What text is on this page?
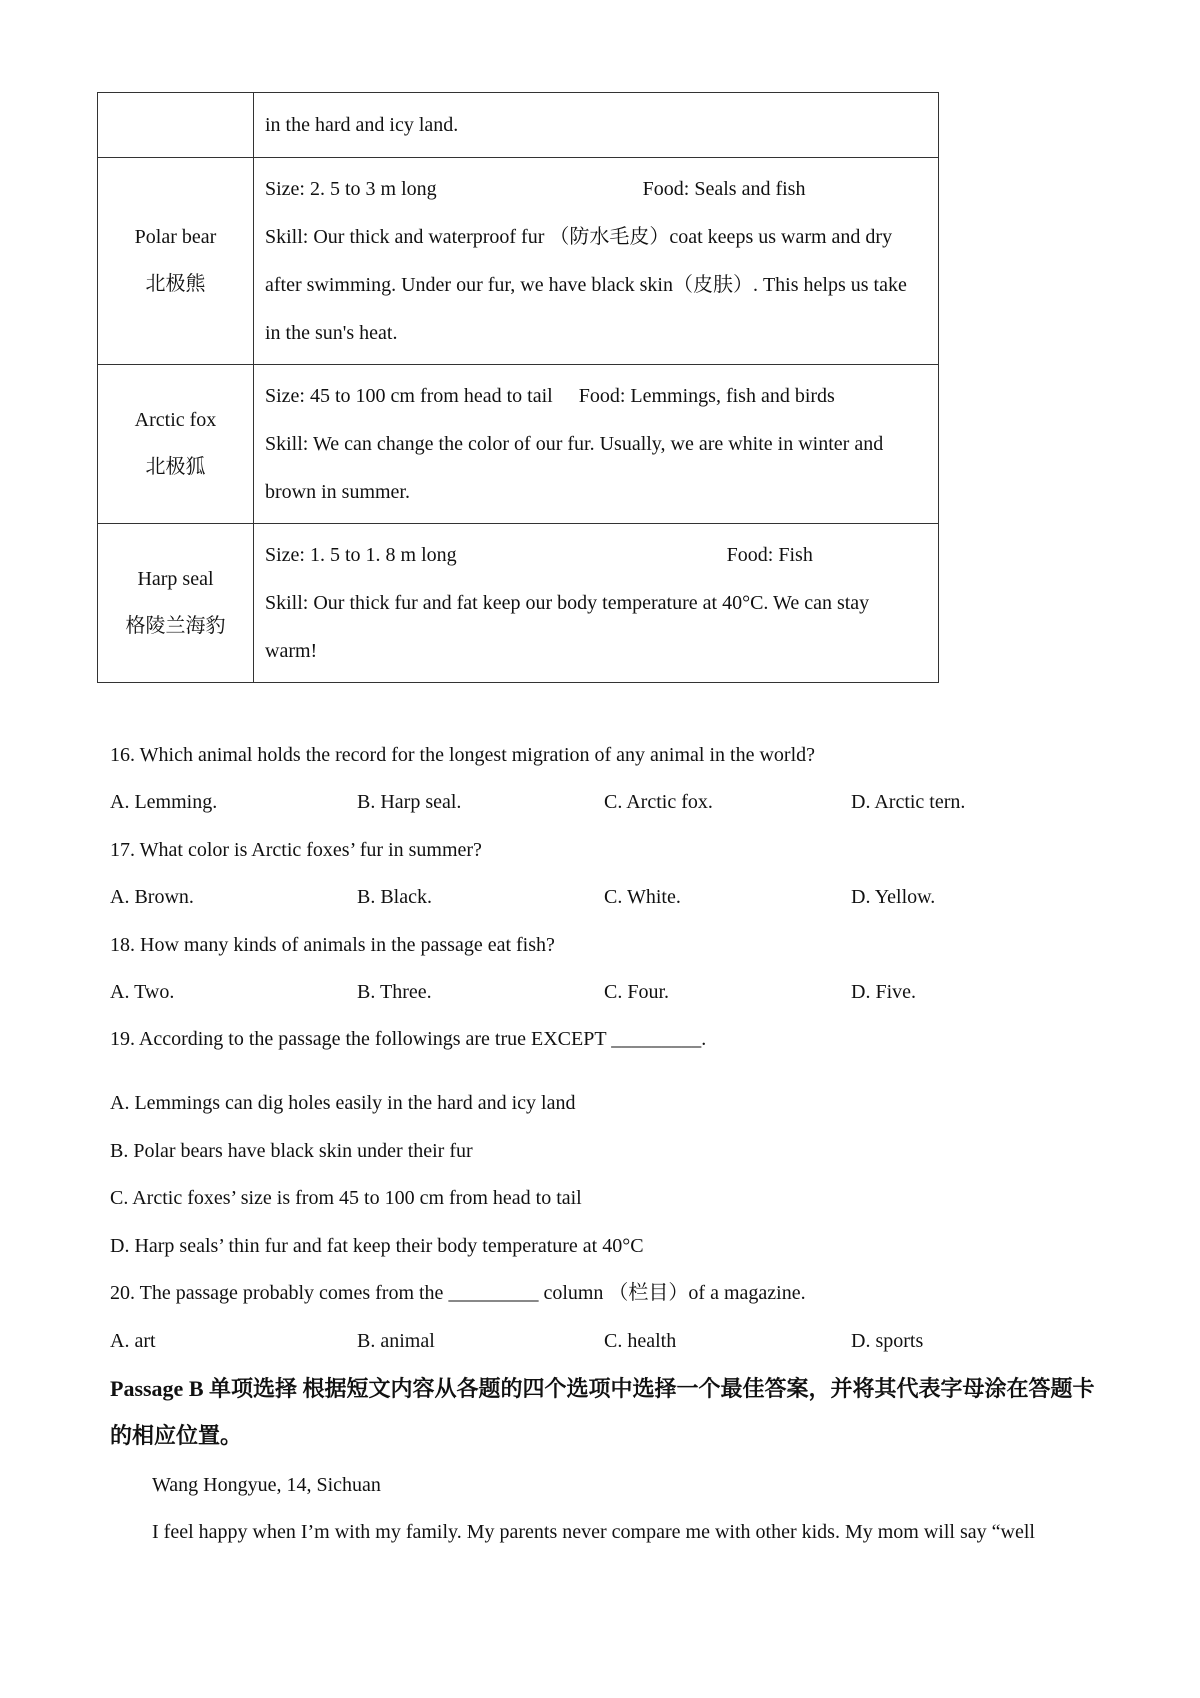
	in the hard and icy land.

Polar bear
北极熊	Size: 2. 5 to 3 m long Food: Seals and fish
Skill: Our thick and waterproof fur （防水毛皮）coat keeps us warm and dry
after swimming. Under our fur, we have black skin（皮肤）. This helps us take
in the sun's heat.

Arctic fox
北极狐	Size: 45 to 100 cm from head to tail Food: Lemmings, fish and birds
Skill: We can change the color of our fur. Usually, we are white in winter and
brown in summer.

Harp seal
格陵兰海豹	Size: 1. 5 to 1. 8 m long Food: Fish
Skill: Our thick fur and fat keep our body temperature at 40°C. We can stay
warm!
16. Which animal holds the record for the longest migration of any animal in the world?
A. Lemming.	B. Harp seal.	C. Arctic fox.	D. Arctic tern.
17. What color is Arctic foxes’ fur in summer?
A. Brown.	B. Black.	C. White.	D. Yellow.
18. How many kinds of animals in the passage eat fish?
A. Two.	B. Three.	C. Four.	D. Five.
19. According to the passage the followings are true EXCEPT _________.
A. Lemmings can dig holes easily in the hard and icy land
B. Polar bears have black skin under their fur
C. Arctic foxes’ size is from 45 to 100 cm from head to tail
D. Harp seals’ thin fur and fat keep their body temperature at 40°C
20. The passage probably comes from the _________ column （栏目）of a magazine.
A. art	B. animal	C. health	D. sports
Passage B 单项选择 根据短文内容从各题的四个选项中选择一个最佳答案，并将其代表字母涂在答题卡的相应位置。
Wang Hongyue, 14, Sichuan
I feel happy when I’m with my family. My parents never compare me with other kids. My mom will say “well
